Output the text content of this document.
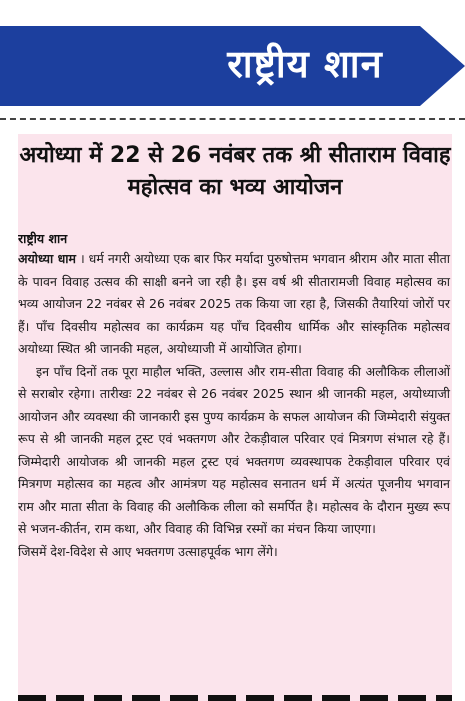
राष्ट्रीय शान
अयोध्या में 22 से 26 नवंबर तक श्री सीताराम विवाह महोत्सव का भव्य आयोजन
राष्ट्रीय शान

अयोध्या धाम । धर्म नगरी अयोध्या एक बार फिर मर्यादा पुरुषोत्तम भगवान श्रीराम और माता सीता के पावन विवाह उत्सव की साक्षी बनने जा रही है। इस वर्ष श्री सीतारामजी विवाह महोत्सव का भव्य आयोजन 22 नवंबर से 26 नवंबर 2025 तक किया जा रहा है, जिसकी तैयारियां जोरों पर हैं। पाँच दिवसीय महोत्सव का कार्यक्रम यह पाँच दिवसीय धार्मिक और सांस्कृतिक महोत्सव अयोध्या स्थित श्री जानकी महल, अयोध्याजी में आयोजित होगा।

इन पाँच दिनों तक पूरा माहौल भक्ति, उल्लास और राम-सीता विवाह की अलौकिक लीलाओं से सराबोर रहेगा। तारीखः 22 नवंबर से 26 नवंबर 2025 स्थान श्री जानकी महल, अयोध्याजी आयोजन और व्यवस्था की जानकारी इस पुण्य कार्यक्रम के सफल आयोजन की जिम्मेदारी संयुक्त रूप से श्री जानकी महल ट्रस्ट एवं भक्तगण और टेकड़ीवाल परिवार एवं मित्रगण संभाल रहे हैं। जिम्मेदारी आयोजक श्री जानकी महल ट्रस्ट एवं भक्तगण व्यवस्थापक टेकड़ीवाल परिवार एवं मित्रगण महोत्सव का महत्व और आमंत्रण यह महोत्सव सनातन धर्म में अत्यंत पूजनीय भगवान राम और माता सीता के विवाह की अलौकिक लीला को समर्पित है। महोत्सव के दौरान मुख्य रूप से भजन-कीर्तन, राम कथा, और विवाह की विभिन्न रस्मों का मंचन किया जाएगा।

जिसमें देश-विदेश से आए भक्तगण उत्साहपूर्वक भाग लेंगे।
